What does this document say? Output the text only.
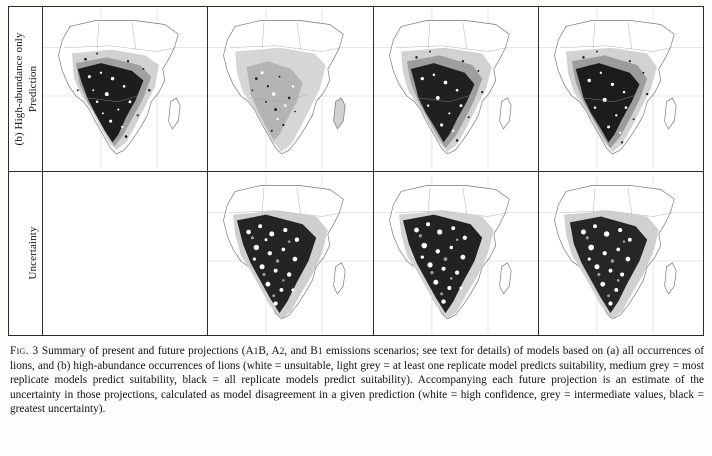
(b) High-abundance only Prediction
Uncertainty
Fig. 3 Summary of present and future projections (A1B, A2, and B1 emissions scenarios; see text for details) of models based on (a) all occurrences of lions, and (b) high-abundance occurrences of lions (white = unsuitable, light grey = at least one replicate model predicts suitability, medium grey = most replicate models predict suitability, black = all replicate models predict suitability). Accompanying each future projection is an estimate of the uncertainty in those projections, calculated as model disagreement in a given prediction (white = high confidence, grey = intermediate values, black = greatest uncertainty).
